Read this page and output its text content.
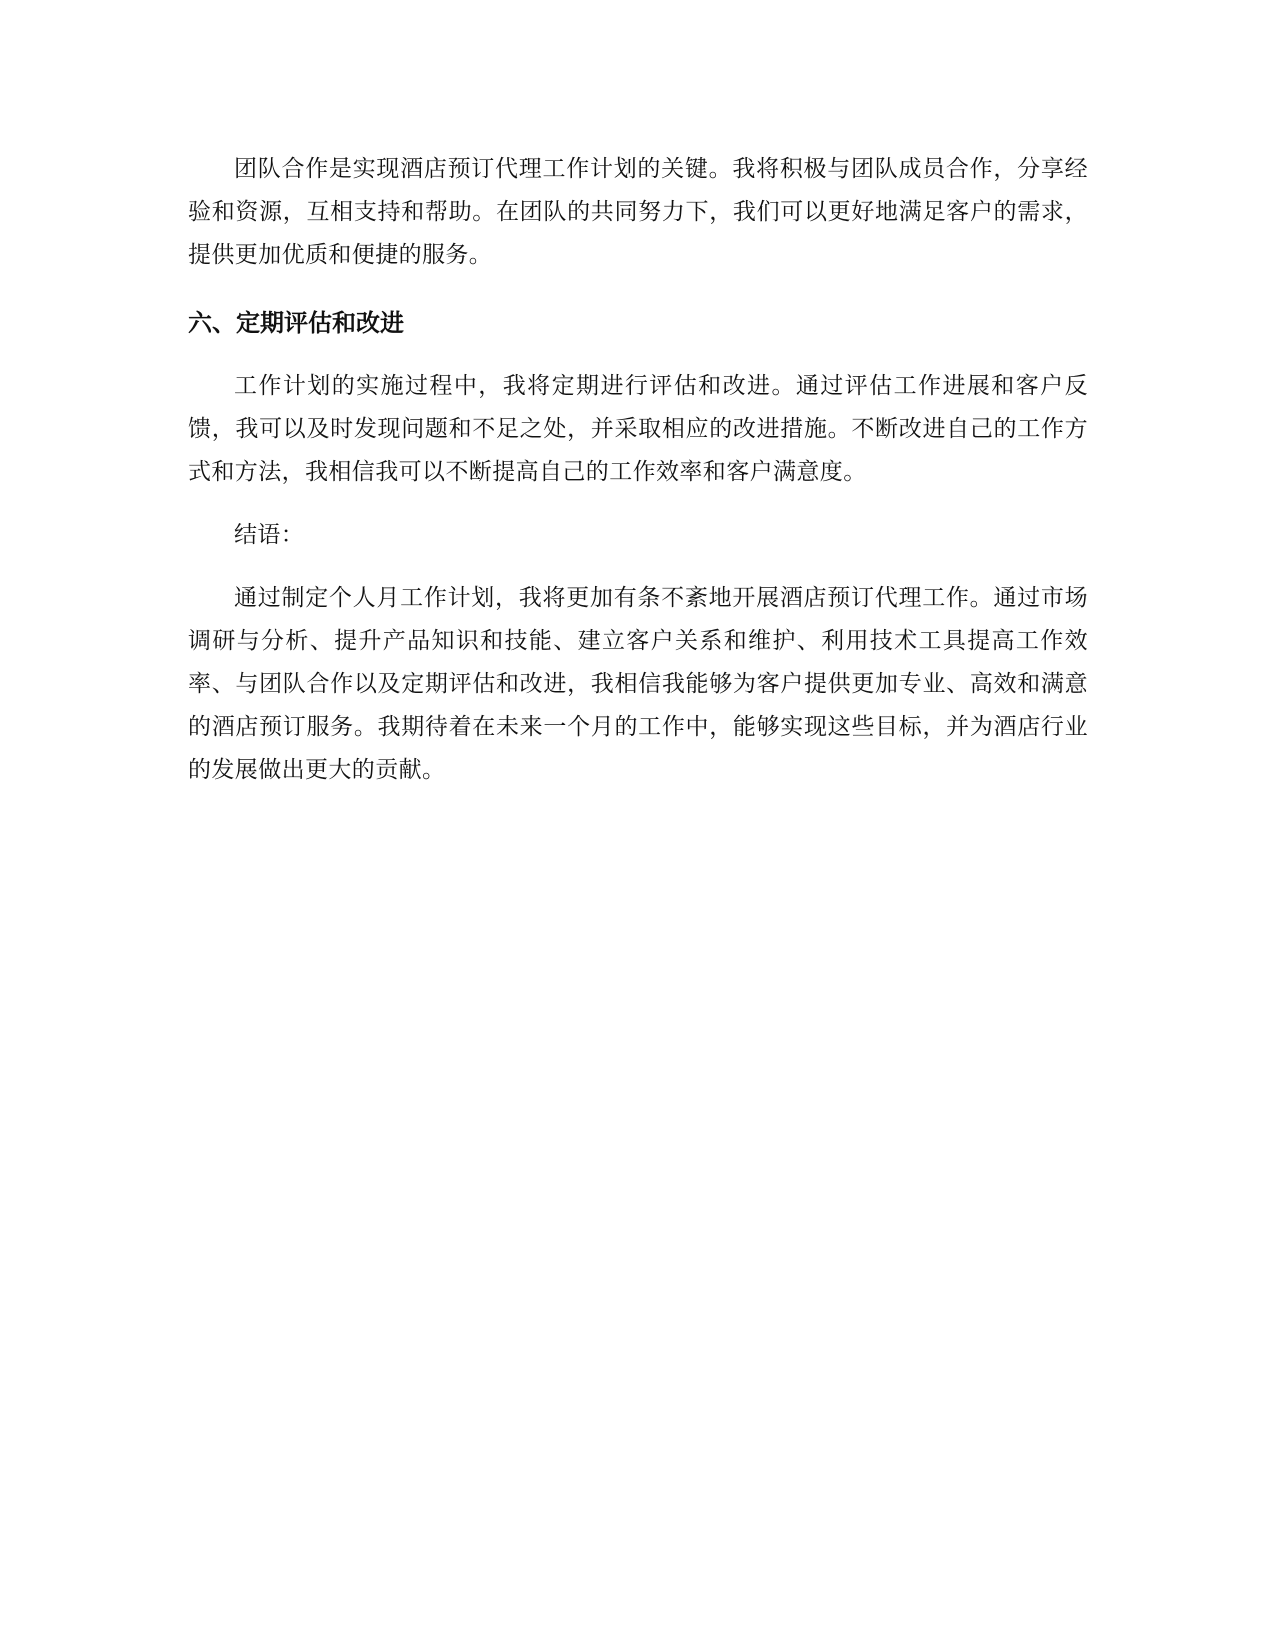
团队合作是实现酒店预订代理工作计划的关键。我将积极与团队成员合作，分享经验和资源，互相支持和帮助。在团队的共同努力下，我们可以更好地满足客户的需求，提供更加优质和便捷的服务。

六、定期评估和改进

工作计划的实施过程中，我将定期进行评估和改进。通过评估工作进展和客户反馈，我可以及时发现问题和不足之处，并采取相应的改进措施。不断改进自己的工作方式和方法，我相信我可以不断提高自己的工作效率和客户满意度。

结语：

通过制定个人月工作计划，我将更加有条不紊地开展酒店预订代理工作。通过市场调研与分析、提升产品知识和技能、建立客户关系和维护、利用技术工具提高工作效率、与团队合作以及定期评估和改进，我相信我能够为客户提供更加专业、高效和满意的酒店预订服务。我期待着在未来一个月的工作中，能够实现这些目标，并为酒店行业的发展做出更大的贡献。
